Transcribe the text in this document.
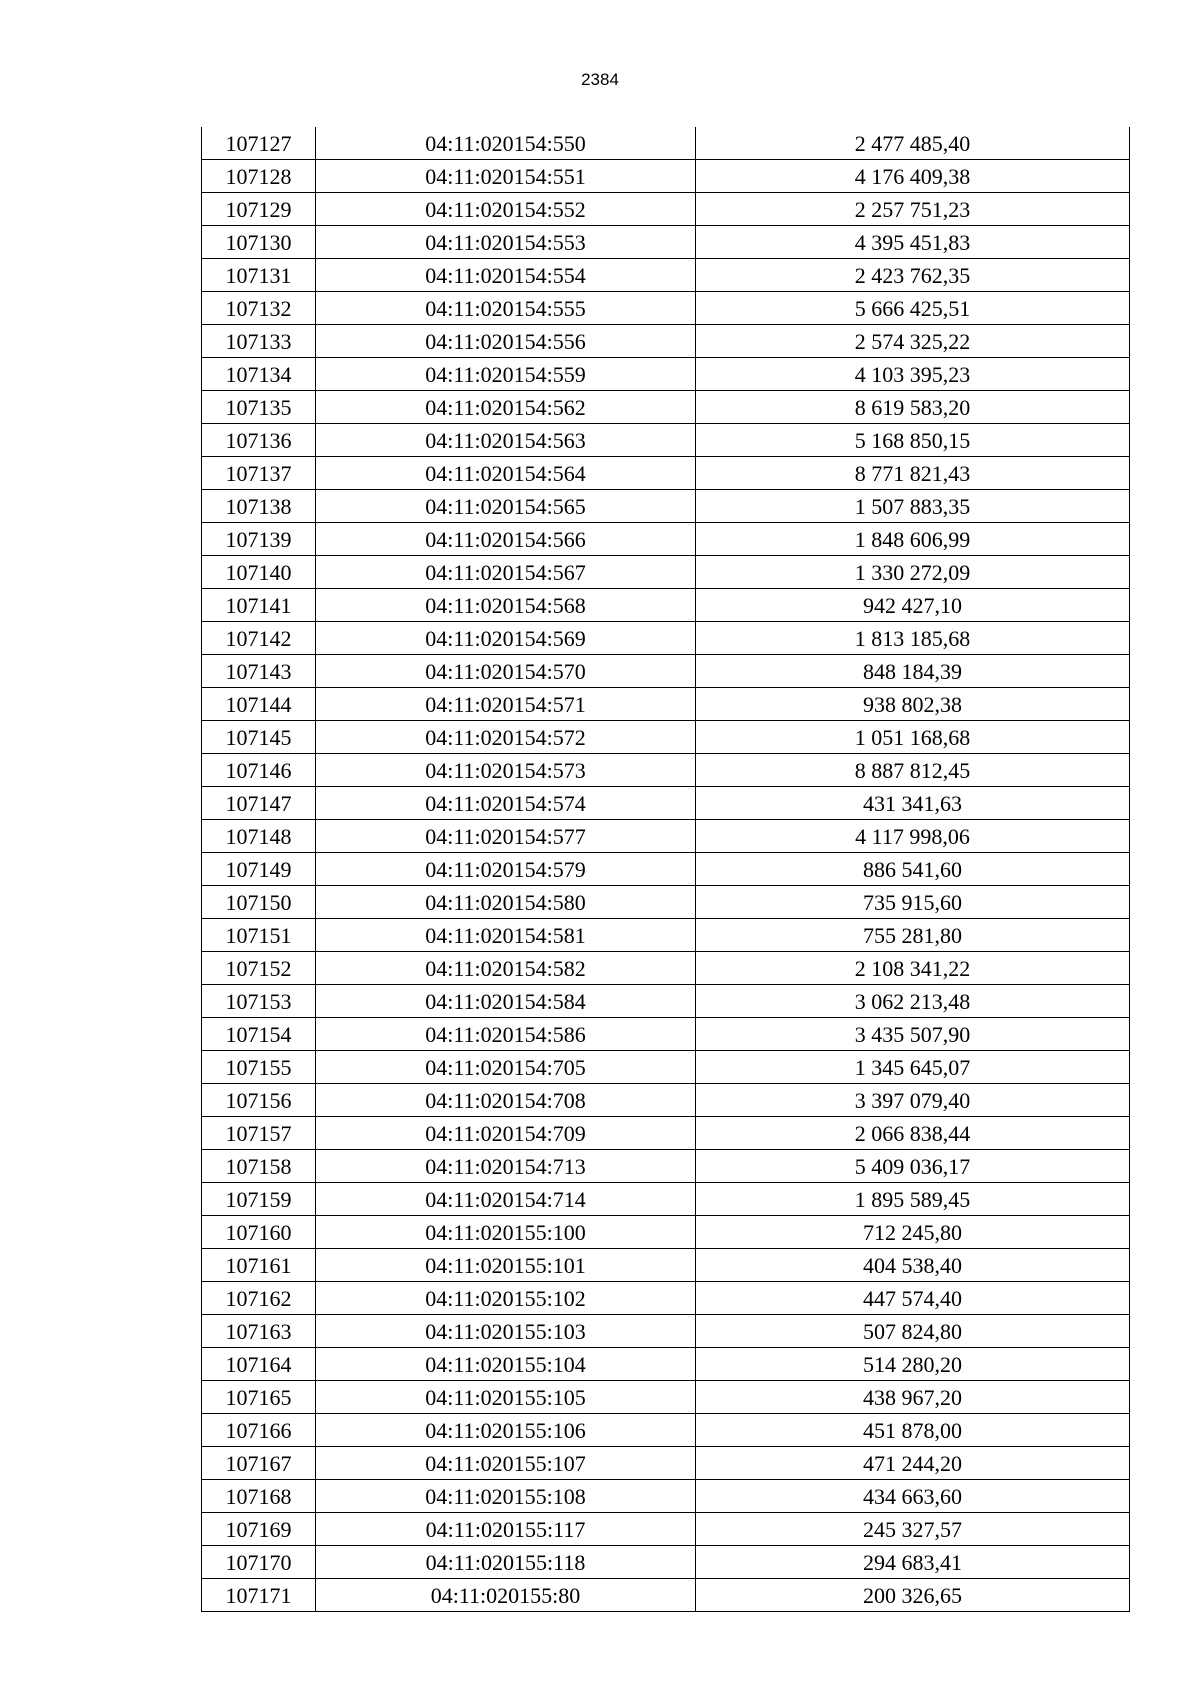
2384
107127	04:11:020154:550	2 477 485,40
107128	04:11:020154:551	4 176 409,38
107129	04:11:020154:552	2 257 751,23
107130	04:11:020154:553	4 395 451,83
107131	04:11:020154:554	2 423 762,35
107132	04:11:020154:555	5 666 425,51
107133	04:11:020154:556	2 574 325,22
107134	04:11:020154:559	4 103 395,23
107135	04:11:020154:562	8 619 583,20
107136	04:11:020154:563	5 168 850,15
107137	04:11:020154:564	8 771 821,43
107138	04:11:020154:565	1 507 883,35
107139	04:11:020154:566	1 848 606,99
107140	04:11:020154:567	1 330 272,09
107141	04:11:020154:568	942 427,10
107142	04:11:020154:569	1 813 185,68
107143	04:11:020154:570	848 184,39
107144	04:11:020154:571	938 802,38
107145	04:11:020154:572	1 051 168,68
107146	04:11:020154:573	8 887 812,45
107147	04:11:020154:574	431 341,63
107148	04:11:020154:577	4 117 998,06
107149	04:11:020154:579	886 541,60
107150	04:11:020154:580	735 915,60
107151	04:11:020154:581	755 281,80
107152	04:11:020154:582	2 108 341,22
107153	04:11:020154:584	3 062 213,48
107154	04:11:020154:586	3 435 507,90
107155	04:11:020154:705	1 345 645,07
107156	04:11:020154:708	3 397 079,40
107157	04:11:020154:709	2 066 838,44
107158	04:11:020154:713	5 409 036,17
107159	04:11:020154:714	1 895 589,45
107160	04:11:020155:100	712 245,80
107161	04:11:020155:101	404 538,40
107162	04:11:020155:102	447 574,40
107163	04:11:020155:103	507 824,80
107164	04:11:020155:104	514 280,20
107165	04:11:020155:105	438 967,20
107166	04:11:020155:106	451 878,00
107167	04:11:020155:107	471 244,20
107168	04:11:020155:108	434 663,60
107169	04:11:020155:117	245 327,57
107170	04:11:020155:118	294 683,41
107171	04:11:020155:80	200 326,65
